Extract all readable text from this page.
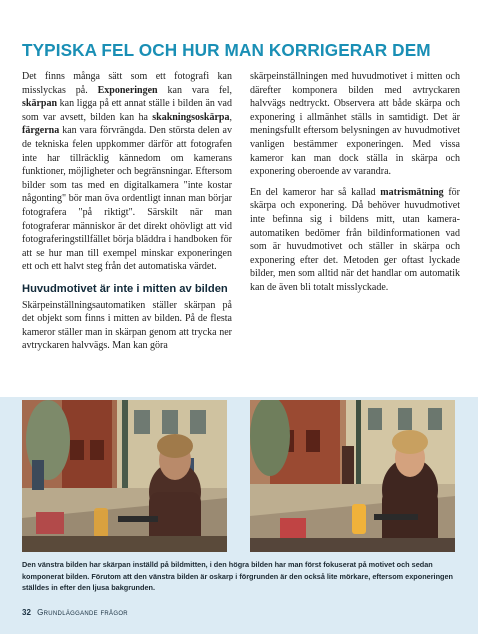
TYPISKA FEL OCH HUR MAN KORRIGERAR DEM

Det finns många sätt som ett fotografi kan misslyckas på. Exponeringen kan vara fel, skärpan kan ligga på ett annat ställe i bilden än vad som var avsett, bilden kan ha skakningsoskärpa, färgerna kan vara förvrängda. Den största delen av de tekniska felen uppkommer därför att fotografen inte har tillräcklig kännedom om kamerans funktioner, möjligheter och begränsningar. Eftersom bilder som tas med en digitalkamera "inte kostar någonting" bör man öva ordentligt innan man börjar fotografera "på riktigt". Särskilt när man fotograferar människor är det direkt ohövligt att vid fotograferingstillfället börja bläddra i handboken för att se hur man till exempel minskar exponeringen ett och ett halvt steg från det automatiska värdet.

Huvudmotivet är inte i mitten av bilden

Skärpeinställningsautomatiken ställer skärpan på det objekt som finns i mitten av bilden. På de flesta kameror ställer man in skärpan genom att trycka ner avtryckaren halvvägs. Man kan göra

skärpeinställningen med huvudmotivet i mitten och därefter komponera bilden med avtryckaren halvvägs nedtryckt. Observera att både skärpa och exponering i allmänhet ställs in samtidigt. Det är meningsfullt eftersom belysningen av huvudmotivet vanligen bestämmer exponeringen. Med vissa kameror kan man dock ställa in skärpa och exponering oberoende av varandra.

En del kameror har så kallad matrismätning för skärpa och exponering. Då behöver huvudmotivet inte befinna sig i bildens mitt, utan kamera-automatiken bedömer från bildinformationen vad som är huvudmotivet och ställer in skärpa och exponering efter det. Metoden ger oftast lyckade bilder, men som alltid när det handlar om automatik kan de även bli totalt misslyckade.

Den vänstra bilden har skärpan inställd på bildmitten, i den högra bilden har man först fokuserat på motivet och sedan komponerat bilden. Förutom att den vänstra bilden är oskarp i förgrunden är den också lite mörkare, eftersom exponeringen ställdes in efter den ljusa bakgrunden.
32 Grundläggande frågor
